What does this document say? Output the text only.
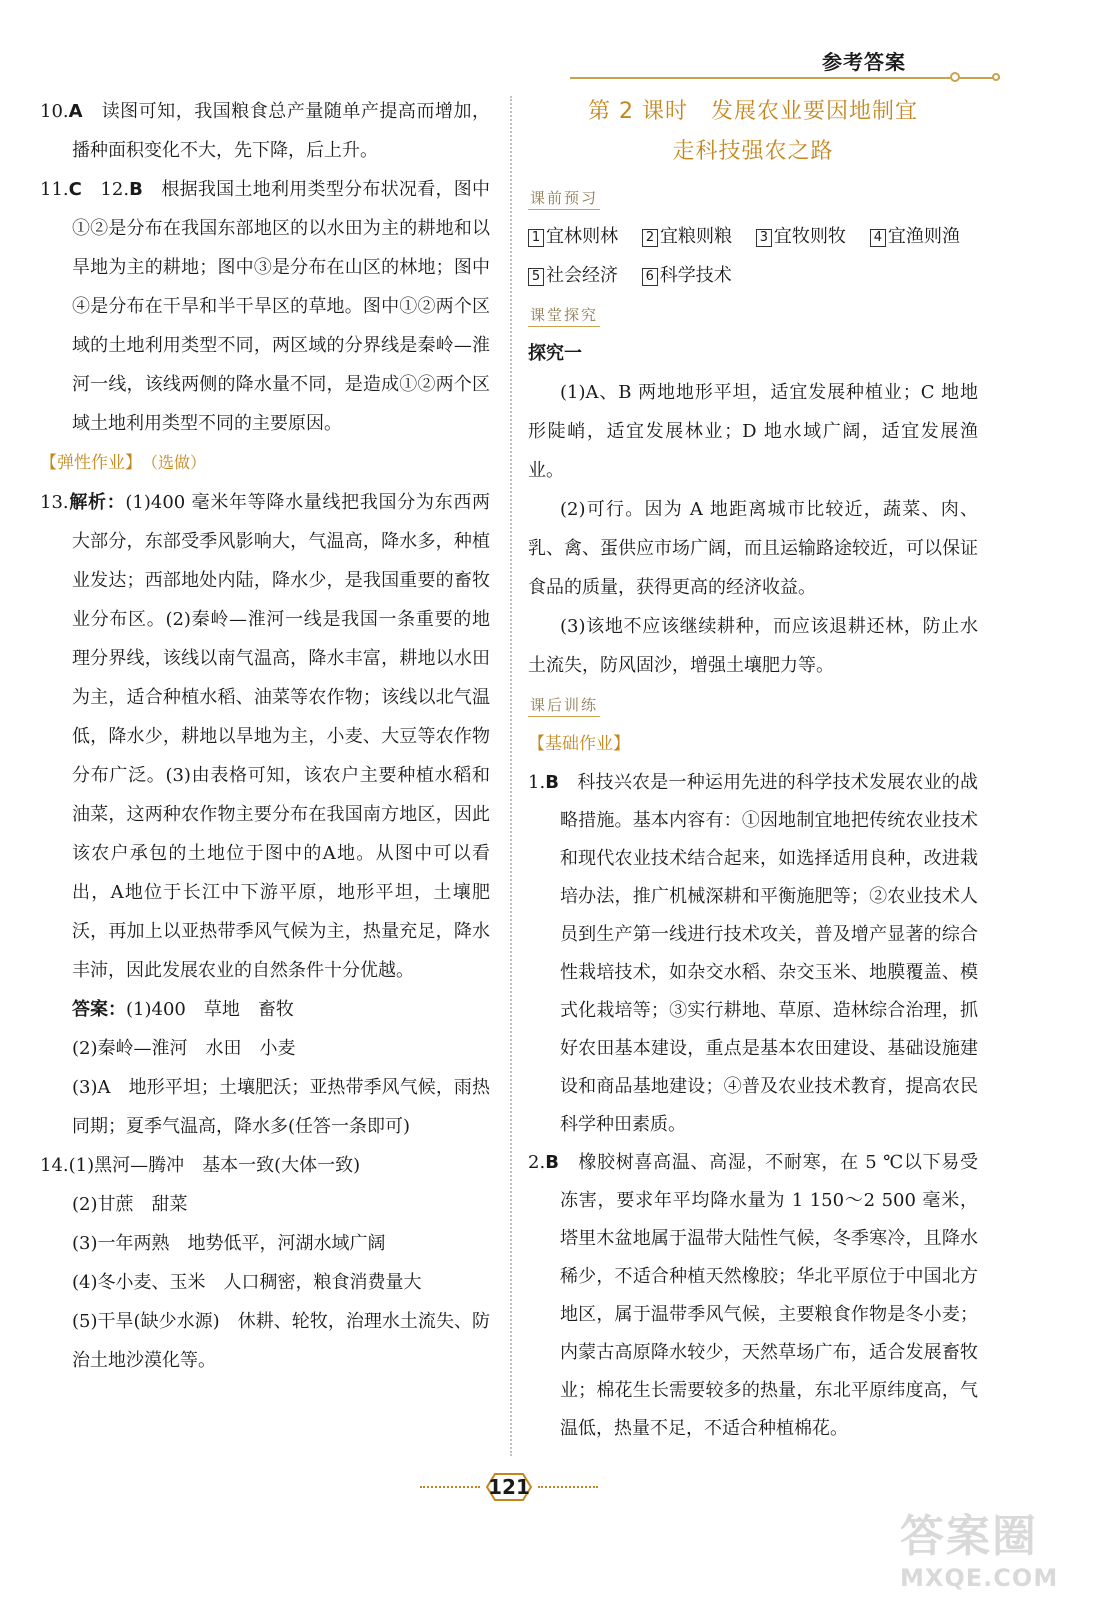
参考答案

10.A　 读图可知，我国粮食总产量随单产提高而增加，播种面积变化不大，先下降，后上升。

11.C　 12.B　 根据我国土地利用类型分布状况看，图中①②是分布在我国东部地区的以水田为主的耕地和以旱地为主的耕地；图中③是分布在山区的林地；图中④是分布在干旱和半干旱区的草地。图中①②两个区域的土地利用类型不同，两区域的分界线是秦岭—淮河一线，该线两侧的降水量不同，是造成①②两个区域土地利用类型不同的主要原因。

【弹性作业】（选做）

13.解析：(1)400 毫米年等降水量线把我国分为东西两大部分，东部受季风影响大，气温高，降水多，种植业发达；西部地处内陆，降水少，是我国重要的畜牧业分布区。(2)秦岭—淮河一线是我国一条重要的地理分界线，该线以南气温高，降水丰富，耕地以水田为主，适合种植水稻、油菜等农作物；该线以北气温低，降水少，耕地以旱地为主，小麦、大豆等农作物分布广泛。(3)由表格可知，该农户主要种植水稻和油菜，这两种农作物主要分布在我国南方地区，因此该农户承包的土地位于图中的A地。从图中可以看出，A地位于长江中下游平原，地形平坦，土壤肥沃，再加上以亚热带季风气候为主，热量充足，降水丰沛，因此发展农业的自然条件十分优越。

答案：(1)400　草地　畜牧

(2)秦岭—淮河　水田　小麦

(3)A　地形平坦；土壤肥沃；亚热带季风气候，雨热同期；夏季气温高，降水多(任答一条即可)

14.(1)黑河—腾冲　基本一致(大体一致)

(2)甘蔗　甜菜

(3)一年两熟　地势低平，河湖水域广阔

(4)冬小麦、玉米　人口稠密，粮食消费量大

(5)干旱(缺少水源)　休耕、轮牧，治理水土流失、防治土地沙漠化等。

第 2 课时　发展农业要因地制宜
走科技强农之路
课前预习

1 宜林则林　 2 宜粮则粮　 3 宜牧则牧　 4 宜渔则渔　 5 社会经济　 6 科学技术

课堂探究

探究一

(1)A、B 两地地形平坦，适宜发展种植业；C 地地形陡峭，适宜发展林业；D 地水域广阔，适宜发展渔业。

(2)可行。因为 A 地距离城市比较近，蔬菜、肉、乳、禽、蛋供应市场广阔，而且运输路途较近，可以保证食品的质量，获得更高的经济收益。

(3)该地不应该继续耕种，而应该退耕还林，防止水土流失，防风固沙，增强土壤肥力等。

课后训练

【基础作业】

1.B　 科技兴农是一种运用先进的科学技术发展农业的战略措施。基本内容有：①因地制宜地把传统农业技术和现代农业技术结合起来，如选择适用良种，改进栽培办法，推广机械深耕和平衡施肥等；②农业技术人员到生产第一线进行技术攻关，普及增产显著的综合性栽培技术，如杂交水稻、杂交玉米、地膜覆盖、模式化栽培等；③实行耕地、草原、造林综合治理，抓好农田基本建设，重点是基本农田建设、基础设施建设和商品基地建设；④普及农业技术教育，提高农民科学种田素质。

2.B　 橡胶树喜高温、高湿，不耐寒，在 5 ℃以下易受冻害，要求年平均降水量为 1 150～2 500 毫米，塔里木盆地属于温带大陆性气候，冬季寒冷，且降水稀少，不适合种植天然橡胶；华北平原位于中国北方地区，属于温带季风气候，主要粮食作物是冬小麦；内蒙古高原降水较少，天然草场广布，适合发展畜牧业；棉花生长需要较多的热量，东北平原纬度高，气温低，热量不足，不适合种植棉花。

121
答案圈
MXQE.COM
